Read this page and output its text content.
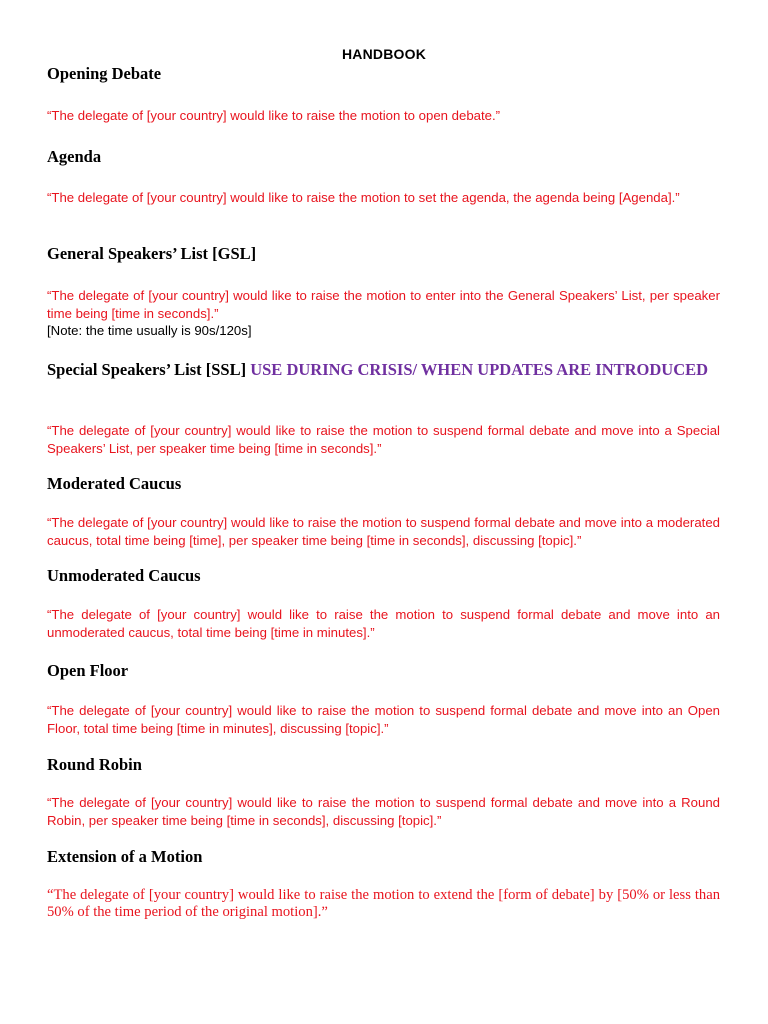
HANDBOOK
Opening Debate

“The delegate of [your country] would like to raise the motion to open debate.”

Agenda

“The delegate of [your country] would like to raise the motion to set the agenda, the agenda being [Agenda].”

General Speakers’ List [GSL]

“The delegate of [your country] would like to raise the motion to enter into the General Speakers’ List, per speaker time being [time in seconds].”

[Note: the time usually is 90s/120s]

Special Speakers’ List [SSL] USE DURING CRISIS/ WHEN UPDATES ARE INTRODUCED

“The delegate of [your country] would like to raise the motion to suspend formal debate and move into a Special Speakers’ List, per speaker time being [time in seconds].”

Moderated Caucus

“The delegate of [your country] would like to raise the motion to suspend formal debate and move into a moderated caucus, total time being [time], per speaker time being [time in seconds], discussing [topic].”

Unmoderated Caucus

“The delegate of [your country] would like to raise the motion to suspend formal debate and move into an unmoderated caucus, total time being [time in minutes].”

Open Floor

“The delegate of [your country] would like to raise the motion to suspend formal debate and move into an Open Floor, total time being [time in minutes], discussing [topic].”

Round Robin

“The delegate of [your country] would like to raise the motion to suspend formal debate and move into a Round Robin, per speaker time being [time in seconds], discussing [topic].”

Extension of a Motion

“The delegate of [your country] would like to raise the motion to extend the [form of debate] by [50% or less than 50% of the time period of the original motion].”
